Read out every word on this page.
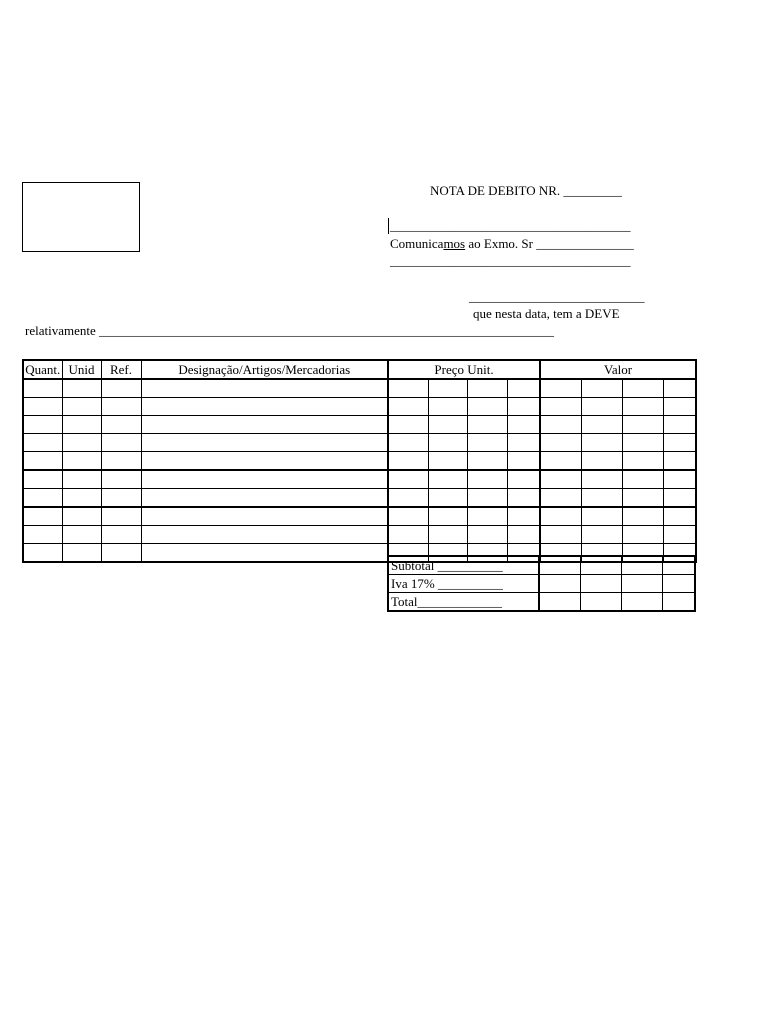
NOTA DE DEBITO NR. _________
_____________________________________
Comunicamos ao Exmo. Sr _______________
_____________________________________
___________________________
que nesta data, tem a DEVE
relativamente ______________________________________________________________________
Quant.	Unid	Ref.	Designação/Artigos/Mercadorias	Preço Unit.				Valor			

Subtotal __________				
Iva 17% __________				
Total_____________				
